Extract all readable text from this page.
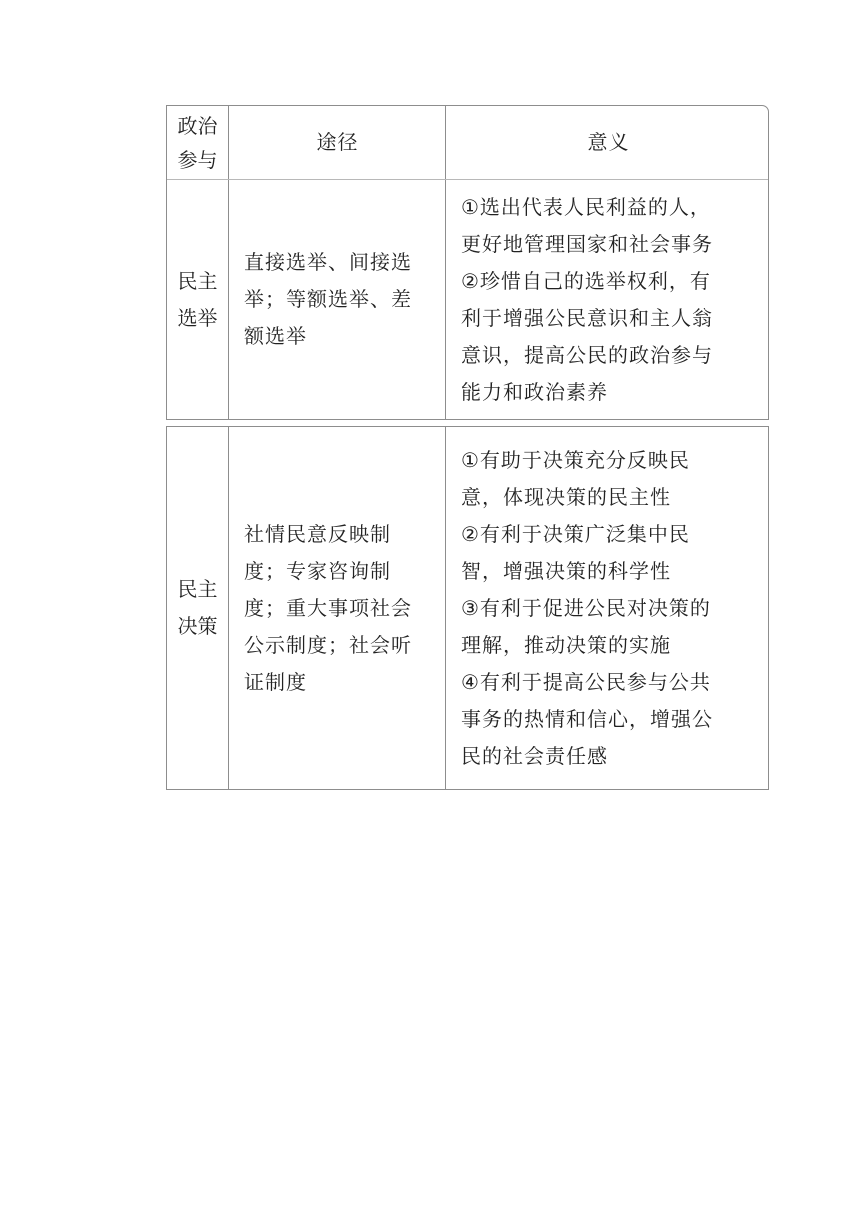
政治
参与
途径	意义
民主
选举
直接选举、间接选
举；等额选举、差
额选举
①选出代表人民利益的人，
更好地管理国家和社会事务
②珍惜自己的选举权利，有
利于增强公民意识和主人翁
意识，提高公民的政治参与
能力和政治素养
民主
决策
社情民意反映制
度；专家咨询制
度；重大事项社会
公示制度；社会听
证制度
①有助于决策充分反映民
意，体现决策的民主性
②有利于决策广泛集中民
智，增强决策的科学性
③有利于促进公民对决策的
理解，推动决策的实施
④有利于提高公民参与公共
事务的热情和信心，增强公
民的社会责任感
